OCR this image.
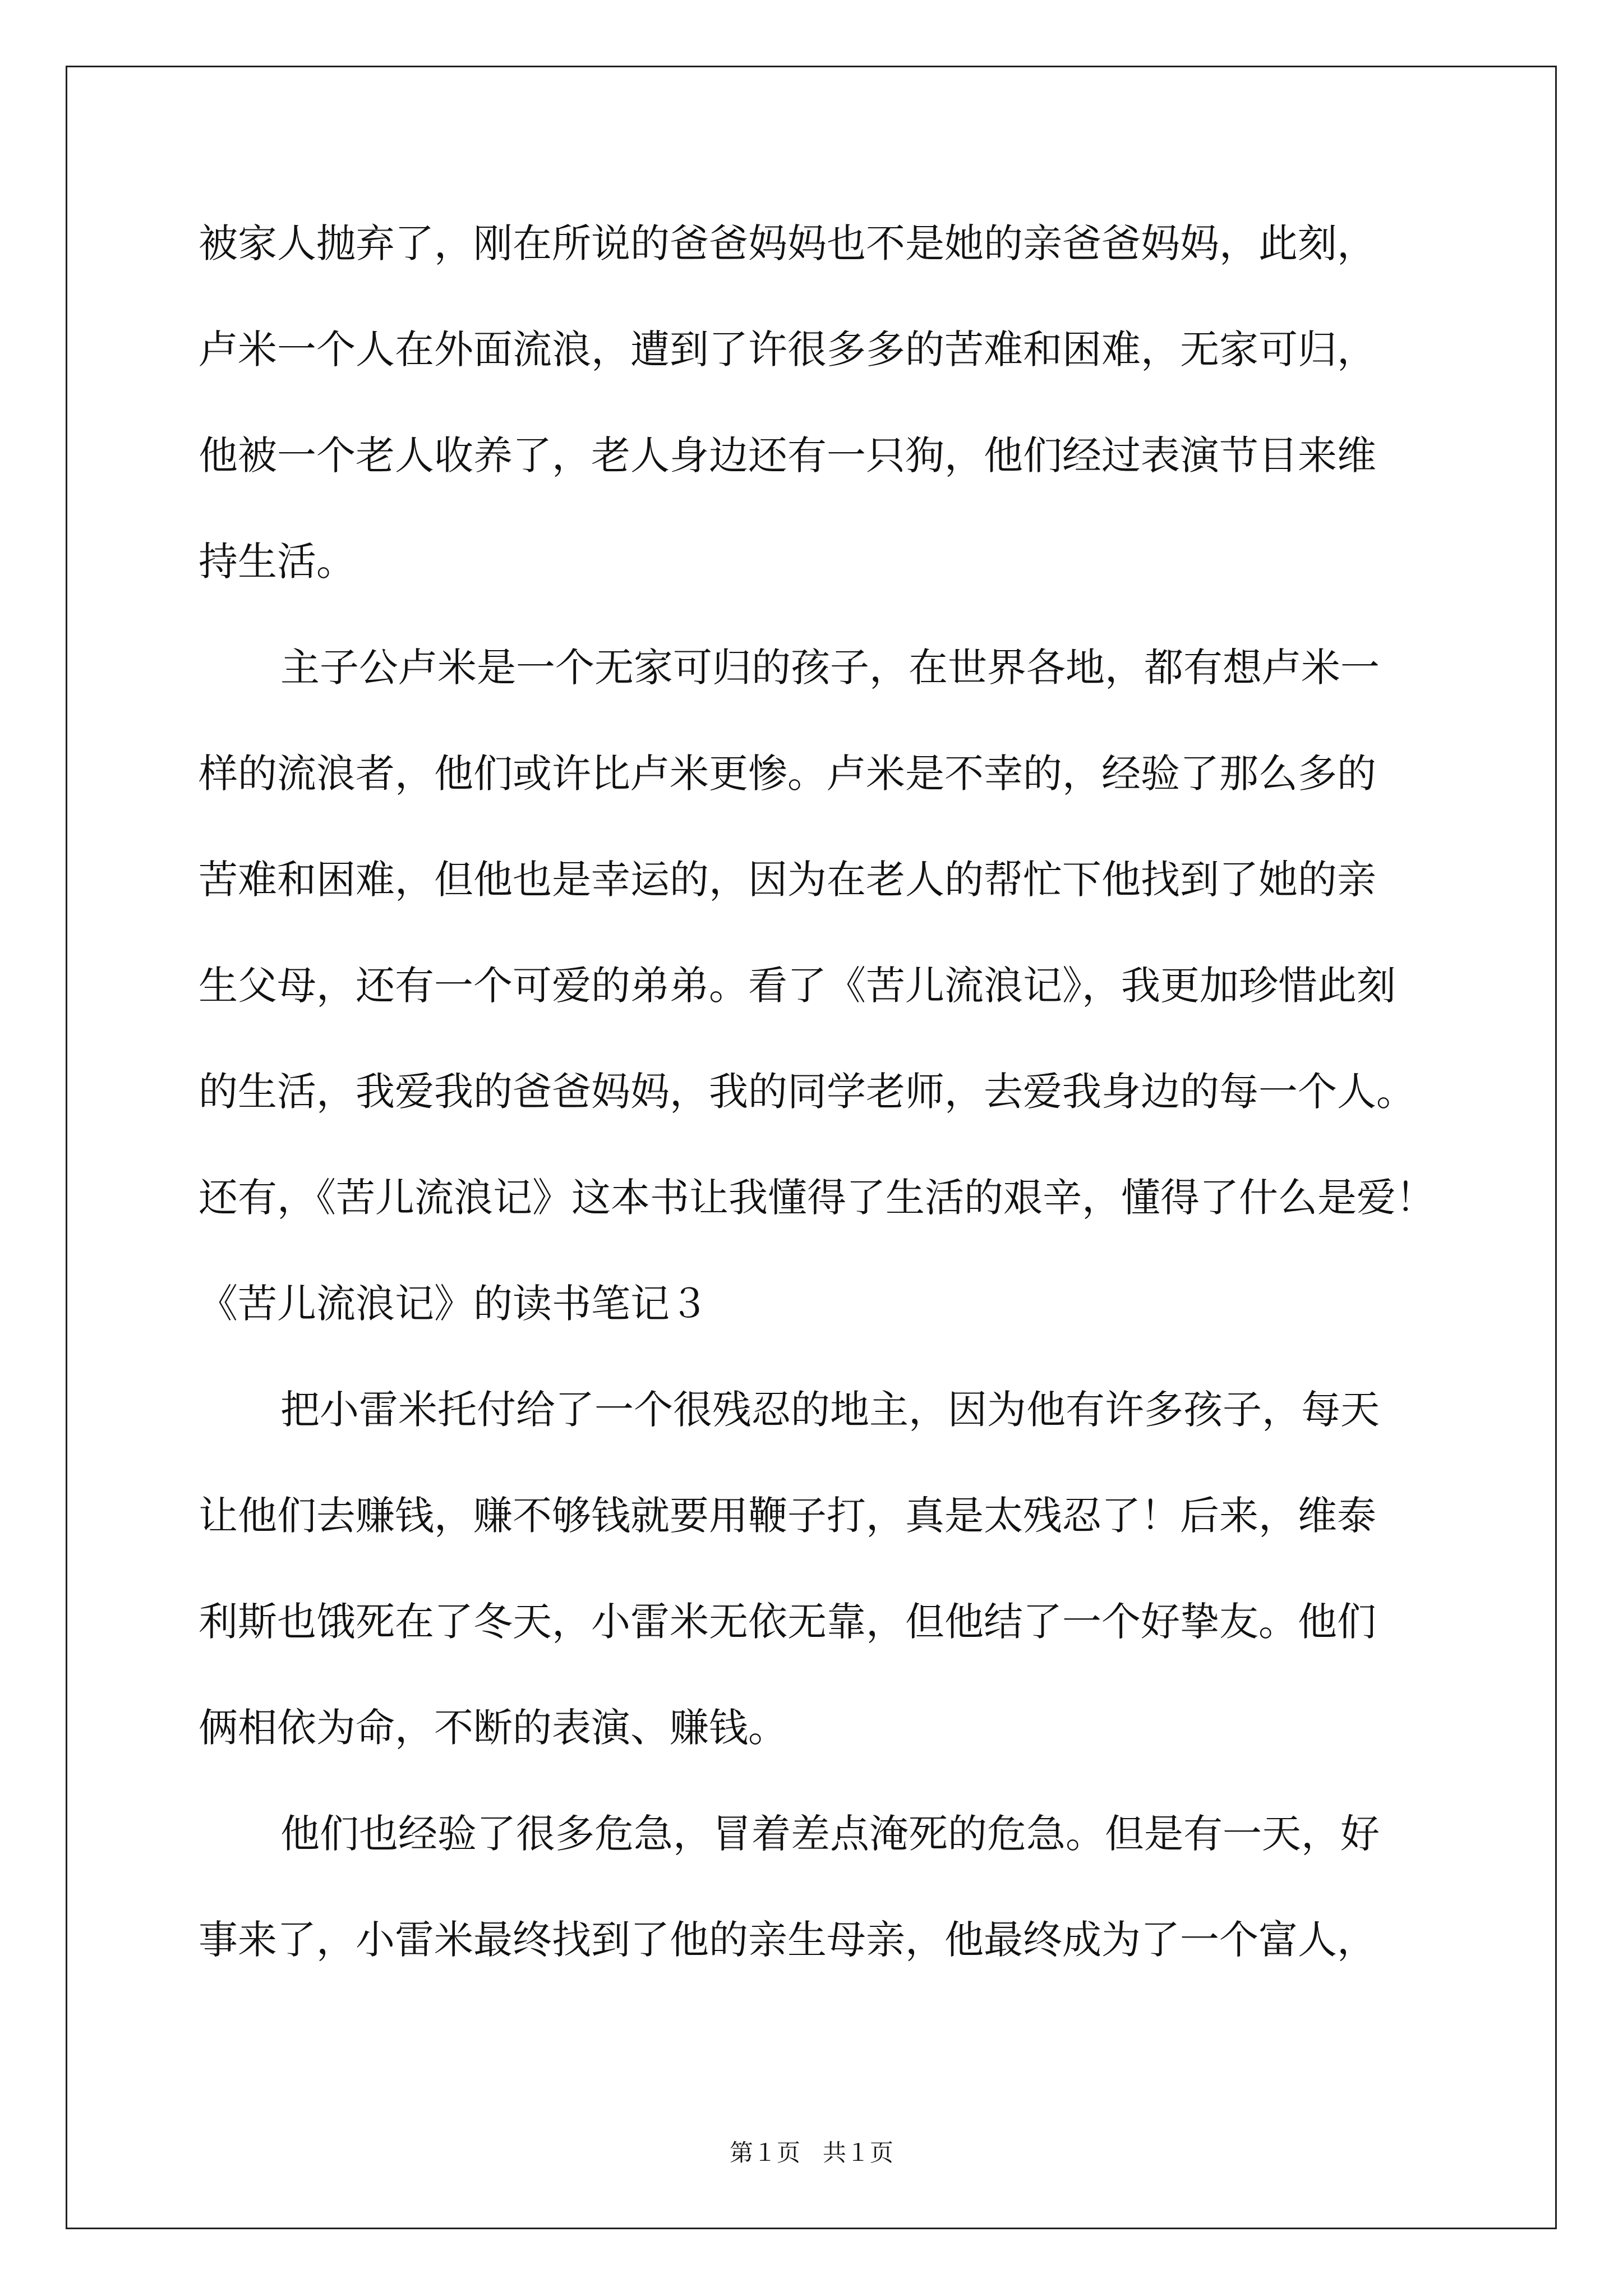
被家人抛弃了，刚在所说的爸爸妈妈也不是她的亲爸爸妈妈，此刻，
卢米一个人在外面流浪，遭到了许很多多的苦难和困难，无家可归，
他被一个老人收养了，老人身边还有一只狗，他们经过表演节目来维
持生活。
主子公卢米是一个无家可归的孩子，在世界各地，都有想卢米一
样的流浪者，他们或许比卢米更惨。卢米是不幸的，经验了那么多的
苦难和困难，但他也是幸运的，因为在老人的帮忙下他找到了她的亲
生父母，还有一个可爱的弟弟。看了《苦儿流浪记》，我更加珍惜此刻
的生活，我爱我的爸爸妈妈，我的同学老师，去爱我身边的每一个人。
还有，《苦儿流浪记》这本书让我懂得了生活的艰辛，懂得了什么是爱！
《苦儿流浪记》的读书笔记３
把小雷米托付给了一个很残忍的地主，因为他有许多孩子，每天
让他们去赚钱，赚不够钱就要用鞭子打，真是太残忍了！后来，维泰
利斯也饿死在了冬天，小雷米无依无靠，但他结了一个好挚友。他们
俩相依为命，不断的表演、赚钱。
他们也经验了很多危急，冒着差点淹死的危急。但是有一天，好
事来了，小雷米最终找到了他的亲生母亲，他最终成为了一个富人，
第１页 共１页
